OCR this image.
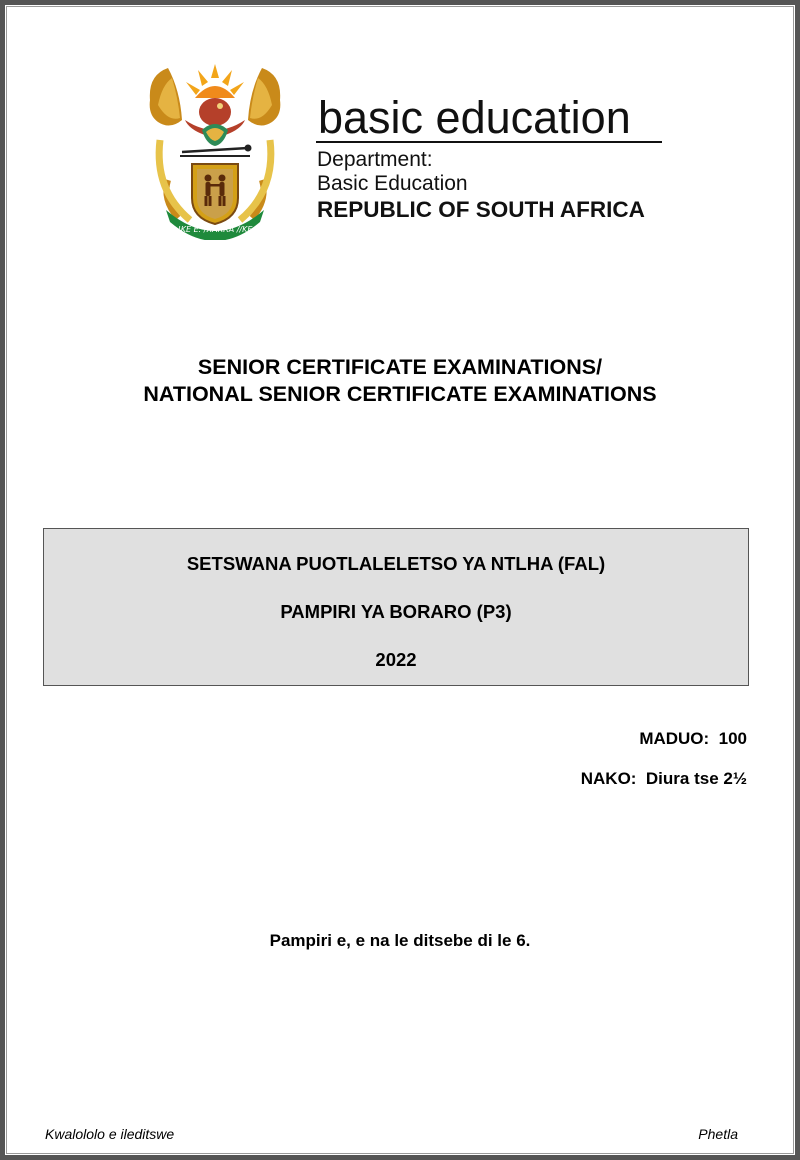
!KE E: /XARRA //KE
basic education
Department:
Basic Education
REPUBLIC OF SOUTH AFRICA
SENIOR CERTIFICATE EXAMINATIONS/
NATIONAL SENIOR CERTIFICATE EXAMINATIONS
SETSWANA PUOTLALELETSO YA NTLHA (FAL)
PAMPIRI YA BORARO (P3)
2022
MADUO:  100
NAKO:  Diura tse 2½
Pampiri e, e na le ditsebe di le 6.
Kwalololo e ileditswe	Phetla
